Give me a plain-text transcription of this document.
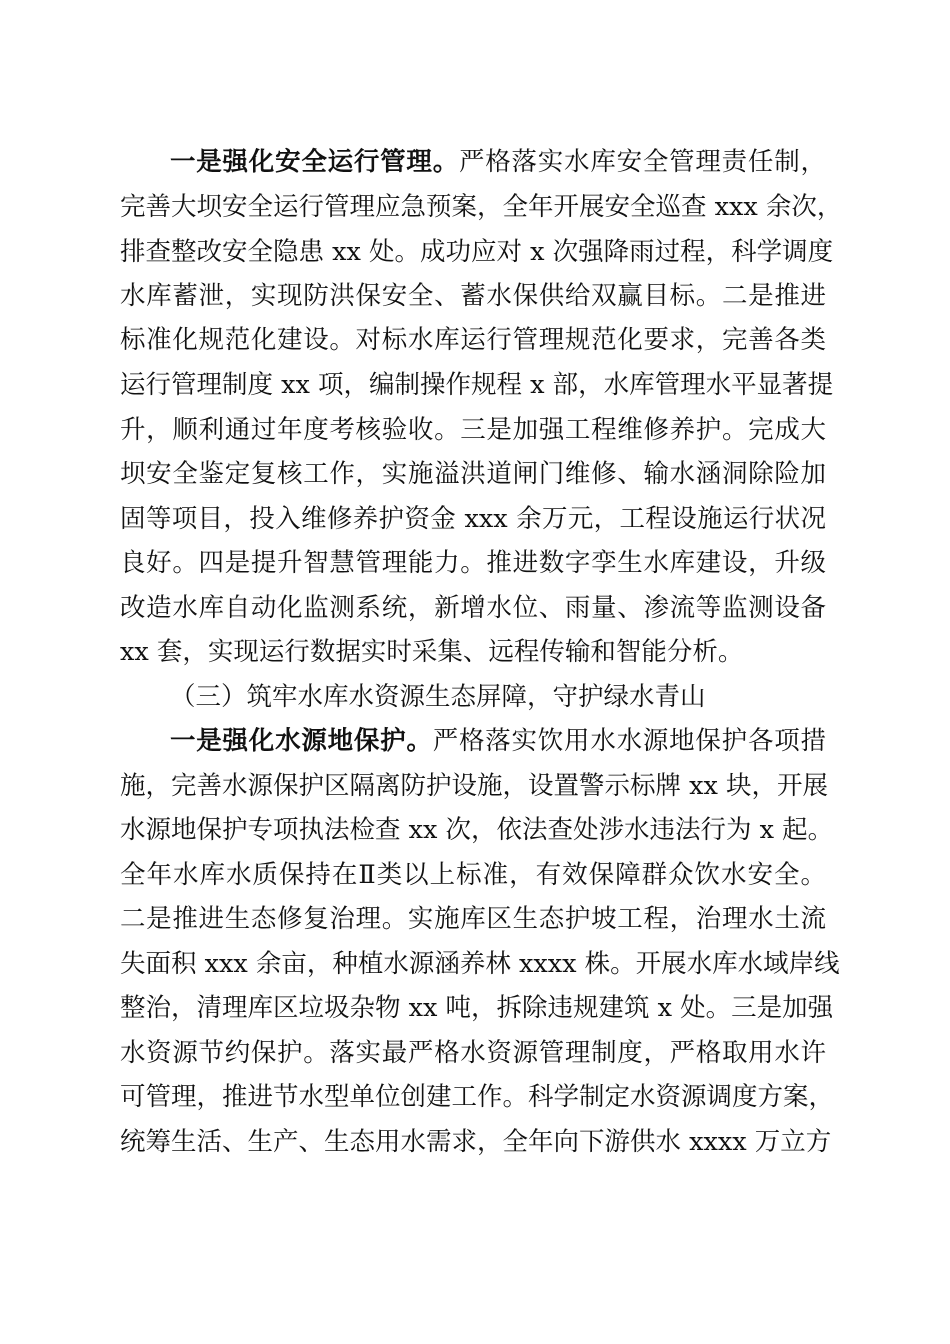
一是强化安全运行管理。严格落实水库安全管理责任制，
完善大坝安全运行管理应急预案，全年开展安全巡查 xxx 余次，
排查整改安全隐患 xx 处。成功应对 x 次强降雨过程，科学调度
水库蓄泄，实现防洪保安全、蓄水保供给双赢目标。二是推进
标准化规范化建设。对标水库运行管理规范化要求，完善各类
运行管理制度 xx 项，编制操作规程 x 部，水库管理水平显著提
升，顺利通过年度考核验收。三是加强工程维修养护。完成大
坝安全鉴定复核工作，实施溢洪道闸门维修、输水涵洞除险加
固等项目，投入维修养护资金 xxx 余万元，工程设施运行状况
良好。四是提升智慧管理能力。推进数字孪生水库建设，升级
改造水库自动化监测系统，新增水位、雨量、渗流等监测设备
xx 套，实现运行数据实时采集、远程传输和智能分析。
（三）筑牢水库水资源生态屏障，守护绿水青山
一是强化水源地保护。严格落实饮用水水源地保护各项措
施，完善水源保护区隔离防护设施，设置警示标牌 xx 块，开展
水源地保护专项执法检查 xx 次，依法查处涉水违法行为 x 起。
全年水库水质保持在Ⅱ类以上标准，有效保障群众饮水安全。
二是推进生态修复治理。实施库区生态护坡工程，治理水土流
失面积 xxx 余亩，种植水源涵养林 xxxx 株。开展水库水域岸线
整治，清理库区垃圾杂物 xx 吨，拆除违规建筑 x 处。三是加强
水资源节约保护。落实最严格水资源管理制度，严格取用水许
可管理，推进节水型单位创建工作。科学制定水资源调度方案，
统筹生活、生产、生态用水需求，全年向下游供水 xxxx 万立方
